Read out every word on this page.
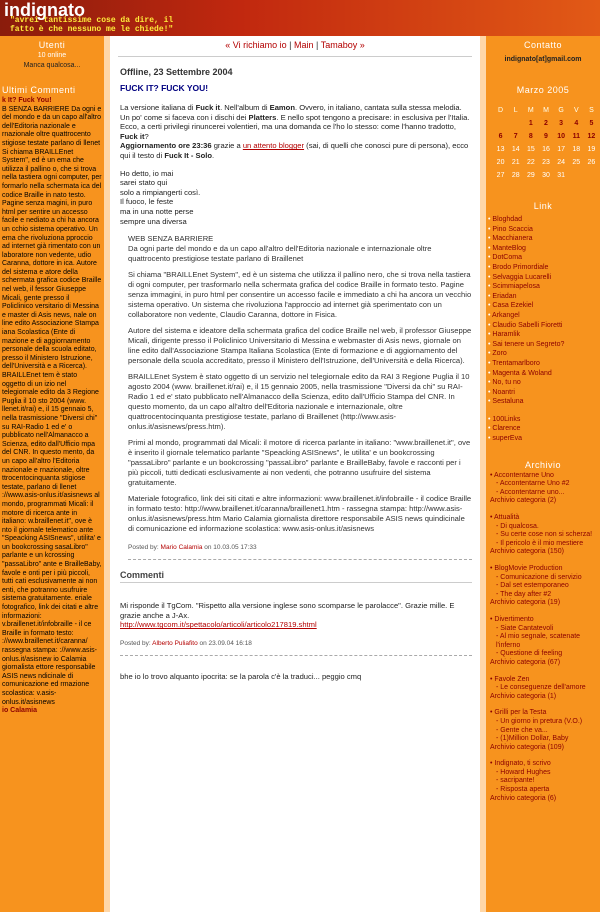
indignato
"avrei tantissime cose da dire, il fatto è che nessuno me le chiede!"
Utenti
10 online
Manca qualcosa...
Ultimi Commenti
k It? Fuck You!
B SENZA BARRIERE Da ogni e del mondo e da un capo all'altro dell'Editoria nazionale e rnazionale oltre quattrocento stigiose testate parlano di llenet Si chiama BRAILLEnet System", ed è un ema che utilizza il pallino o, che si trova nella tastiera ogni computer, per formarlo nella schermata ica del codice Braille in nato testo. Pagine senza magini, in puro html per sentire un accesso facile e nediato a chi ha ancora un cchio sistema operativo. Un ema che rivoluziona pproccio ad internet già rimentato con un laboratore non vedente, udio Caranna, dottore in ica. Autore del sistema e atore della schermata grafica codice Braille nel web, il fessor Giuseppe Micali, gente presso il Policlinico versitario di Messina e master di Asis news, nale on line edito Associazione Stampa iana Scolastica (Ente di mazione e di aggiornamento personale della scuola editato, presso il Ministero Istruzione, dell'Università e a Ricerca). BRAILLEnet tem è stato oggetto di un izio nel telegiornale edito da 3 Regione Puglia il 10 sto 2004 (www. llenet.it/rai) e, il 15 gennaio 5, nella trasmissione "Diversi chi" su RAI-Radio 1 ed e' o pubblicato nell'Almanacco a Scienza, edito dall'Ufficio mpa del CNR. In questo mento, da un capo all'altro l'Editoria nazionale e rnazionale, oltre ttrocentocinquanta stigiose testate, parlano di llenet ://www.asis-onlus.it/asisnews al mondo, programmati Micali: il motore di ricerca ante in italiano: w.braillenet.it", ove è nto il giornale telematico ante "Speacking ASISnews", utilita' e un bookcrossing sasaLibro" parlante e un kcrossing "passaLibro" ante e BrailleBaby, favole e onti per i più piccoli, tutti cati esclusivamente ai non enti, che potranno usufruire sistema gratuitamente. eriale fotografico, link dei citati e altre informazioni: v.braillenet.it/infobraille - il ce Braille in formato testo: ://www.braillenet.it/caranna/ rassegna stampa: ://www.asis-onlus.it/asisnew io Calamia giornalista ettore responsabile ASIS news ndicinale di comunicazione ed rmazione scolastica: v.asis-onlus.it/asisnews
io Calamia
« Vi richiamo io | Main | Tamaboy »
Offline, 23 Settembre 2004
FUCK IT? FUCK YOU!

La versione italiana di Fuck it. Nell'album di Eamon. Ovvero, in italiano, cantata sulla stessa melodia. Un po' come si faceva con i dischi dei Platters. E nello spot tengono a precisare: in esclusiva per l'Italia. Ecco, a certi privilegi rinuncerei volentieri, ma una domanda ce l'ho lo stesso: come l'hanno tradotto, Fuck it?
Aggiornamento ore 23:36 grazie a un attento blogger (sai, di quelli che conosci pure di persona), ecco qui il testo di Fuck It - Solo.

Ho detto, io mai
sarei stato qui
solo a rimpiangerti così.
Il fuoco, le feste
ma in una notte perse
sempre una diversa

WEB SENZA BARRIERE

Da ogni parte del mondo e da un capo all'altro dell'Editoria nazionale e internazionale oltre quattrocento prestigiose testate parlano di Braillenet

Si chiama "BRAILLEnet System", ed è un sistema che utilizza il pallino nero, che si trova nella tastiera di ogni computer, per trasformarlo nella schermata grafica del codice Braille in formato testo. Pagine senza immagini, in puro html per consentire un accesso facile e immediato a chi ha ancora un vecchio sistema operativo. Un sistema che rivoluziona l'approccio ad internet già sperimentato con un collaboratore non vedente, Claudio Caranna, dottore in Fisica.

Autore del sistema e ideatore della schermata grafica del codice Braille nel web, il professor Giuseppe Micali, dirigente presso il Policlinico Universitario di Messina e webmaster di Asis news, giornale on line edito dall'Associazione Stampa Italiana Scolastica (Ente di formazione e di aggiornamento del personale della scuola accreditato, presso il Ministero dell'Istruzione, dell'Università e della Ricerca).

BRAILLEnet System è stato oggetto di un servizio nel telegiornale edito da RAI 3 Regione Puglia il 10 agosto 2004 (www. braillenet.it/rai) e, il 15 gennaio 2005, nella trasmissione "Diversi da chi" su RAI-Radio 1 ed e' stato pubblicato nell'Almanacco della Scienza, edito dall'Ufficio Stampa del CNR. In questo momento, da un capo all'altro dell'Editoria nazionale e internazionale, oltre quattrocentocinquanta prestigiose testate, parlano di Braillenet (http://www.asis-onlus.it/asisnews/press.htm).

Primi al mondo, programmati dal Micali: il motore di ricerca parlante in italiano: "www.braillenet.it", ove è inserito il giornale telematico parlante "Speacking ASISnews", le utilita' e un bookcrossing "passaLibro" parlante e un bookcrossing "passaLibro" parlante e BrailleBaby, favole e racconti per i più piccoli, tutti dedicati esclusivamente ai non vedenti, che potranno usufruire del sistema gratuitamente.

Materiale fotografico, link dei siti citati e altre informazioni: www.braillenet.it/infobraille - il codice Braille in formato testo: http://www.braillenet.it/caranna/braillenet1.htm - rassegna stampa: http://www.asis-onlus.it/asisnews/press.htm Mario Calamia giornalista direttore responsabile ASIS news quindicinale di comunicazione ed informazione scolastica: www.asis-onlus.it/asisnews

Posted by: Mario Calamia on 10.03.05 17:33
Commenti
Mi risponde il TgCom. "Rispetto alla versione inglese sono scomparse le parolacce". Grazie mille. E grazie anche a J-Ax.
http://www.tgcom.it/spettacolo/articoli/articolo217819.shtml
Posted by: Alberto Puliafito on 23.09.04 16:18
bhe io lo trovo alquanto ipocrita: se la parola c'è la traduci... peggio cmq
Contatto
indignato[at]gmail.com
Marzo 2005
D	L	M	M	G	V	S
		1	2	3	4	5
6	7	8	9	10	11	12
13	14	15	16	17	18	19
20	21	22	23	24	25	26
27	28	29	30	31		
Link
• Bloghdad
• Pino Scaccia
• Macchianera
• ManteBlog
• DotComa
• Brodo Primordiale
• Selvaggia Lucarelli
• Scimmiapelosa
• Eriadan
• Casa Ezekiel
• Arkangel
• Claudio Sabelli Fioretti
• Haramlik
• Sai tenere un Segreto?
• Zoro
• Trentamarlboro
• Magenta & Woland
• No, tu no
• Noantri
• Sestaluna
• 100Links
• Clarence
• superEva
Archivio
• Accontentarne Uno
- Accontentarne Uno #2
- Accontentarne uno...
Archivio categoria (2)
• Attualità
- Di qualcosa.
- Su certe cose non si scherza!
- Il pericolo è il mio mestiere
Archivio categoria (150)
• BlogMovie Production
- Comunicazione di servizio
- Dal set estemporaneo
- The day after #2
Archivio categoria (19)
• Divertimento
- Siate Cantatevoli
- Al mio segnale, scatenate l'inferno
- Questione di feeling
Archivio categoria (67)
• Favole Zen
- Le conseguenze dell'amore
Archivio categoria (1)
• Grilli per la Testa
- Un giorno in pretura (V.O.)
- Gente che va...
- (1)Million Dollar, Baby
Archivio categoria (109)
• Indignato, ti scrivo
- Howard Hughes
- sacripante!
- Risposta aperta
Archivio categoria (6)
